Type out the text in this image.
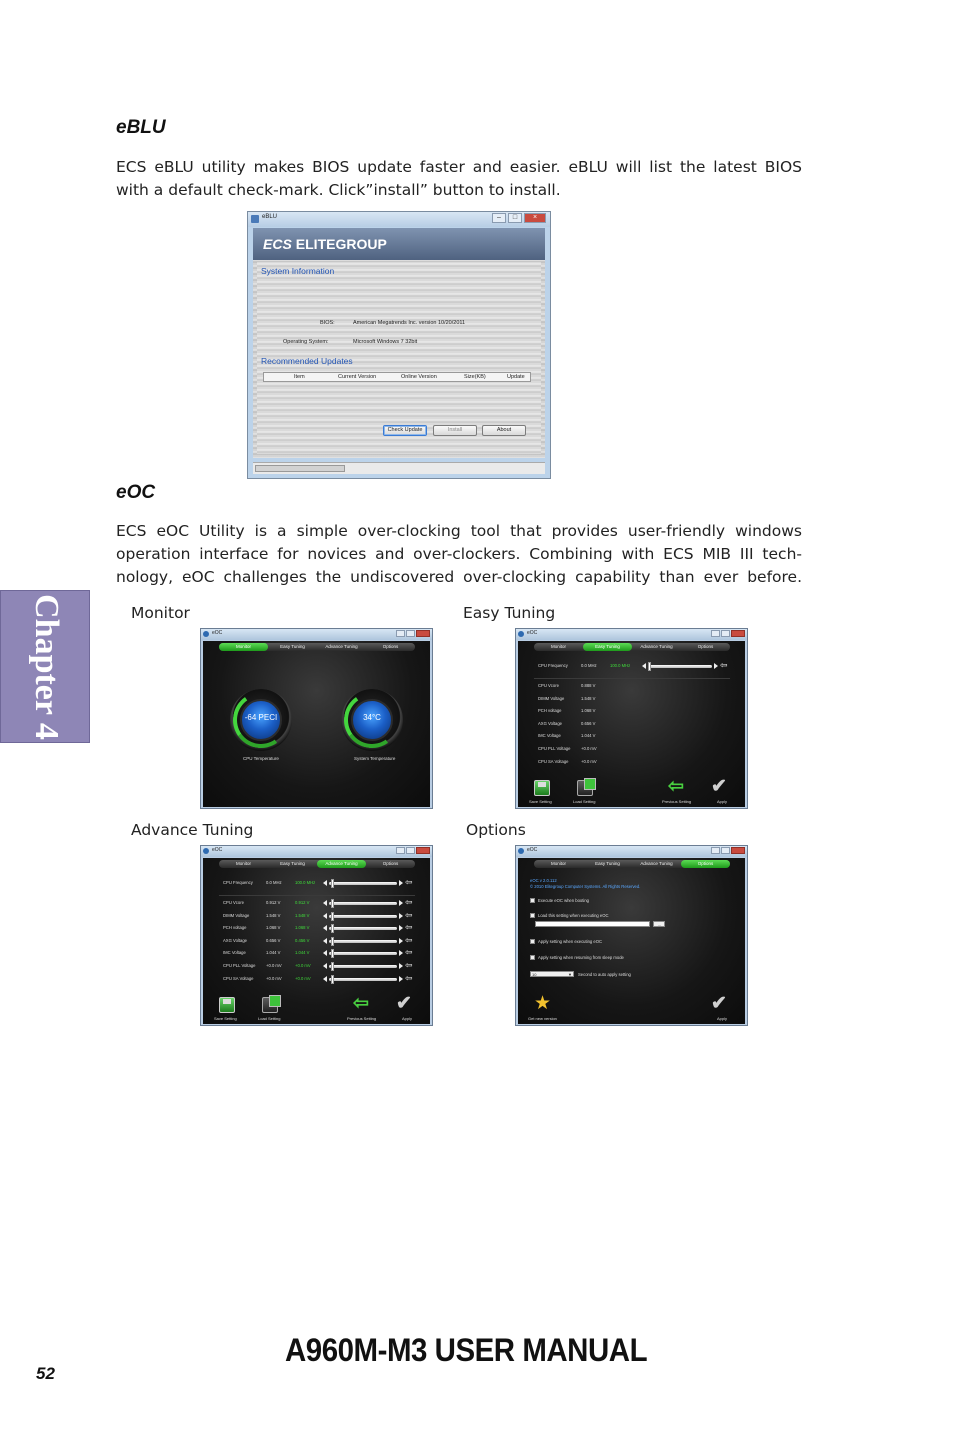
eBLU
ECS eBLU utility makes BIOS update faster and easier. eBLU will list the latest BIOS
with a default check-mark. Click”install” button to install.
eBLU	–	□	×
ECS ELITEGROUP
System Information
BIOS:	American Megatrends Inc. version 10/20/2011
Operating System:	Microsoft Windows 7 32bit
Recommended Updates
Item	Current Version	Online Version	Size(KB)	Update
Check Update	Install	About
eOC
ECS eOC Utility is a simple over-clocking tool that provides user-friendly windows
operation interface for novices and over-clockers. Combining with ECS MIB III tech-
nology, eOC challenges the undiscovered over-clocking capability than ever before.
Monitor	Easy Tuning
Advance Tuning	Options
eOC
Monitor	Easy Tuning	Advance Tuning	Options
-64 PECI
CPU Temperature
34°C
System Temperature
eOC
Monitor	Easy Tuning	Advance Tuning	Options
CPU Frequency	0.0 MHz	100.0 MHz	⇦
CPU Vcore	0.888 V
DIMM Voltage	1.548 V
PCH voltage	1.068 V
AXG Voltage	0.656 V
IMC Voltage	1.044 V
CPU PLL Voltage	+0.0 mV
CPU SA Voltage	+0.0 mV
Save Setting	Load Setting
⇦
Previous Setting
✔
Apply
eOC
Monitor	Easy Tuning	Advance Tuning	Options
CPU Frequency	0.0 MHz	100.0 MHz	⇦
CPU Vcore	0.912 V	0.912 V	⇦
DIMM Voltage	1.548 V	1.548 V	⇦
PCH voltage	1.068 V	1.068 V	⇦
AXG Voltage	0.656 V	0.456 V	⇦
IMC Voltage	1.044 V	1.044 V	⇦
CPU PLL Voltage	+0.0 mV	+0.0 mV	⇦
CPU SA Voltage	+0.0 mV	+0.0 mV	⇦
Save Setting	Load Setting
⇦
Previous Setting
✔
Apply
eOC
Monitor	Easy Tuning	Advance Tuning	Options
eOC v 2.0.112
© 2010 Elitegroup Computer Systems. All Rights Reserved.
Execute eOC when booting
Load this setting when executing eOC
...
Apply setting when executing eOC
Apply setting when resuming from sleep mode
10	▼ Second to auto apply setting
★
Get new version
✔
Apply
Chapter 4
52
A960M-M3 USER MANUAL
